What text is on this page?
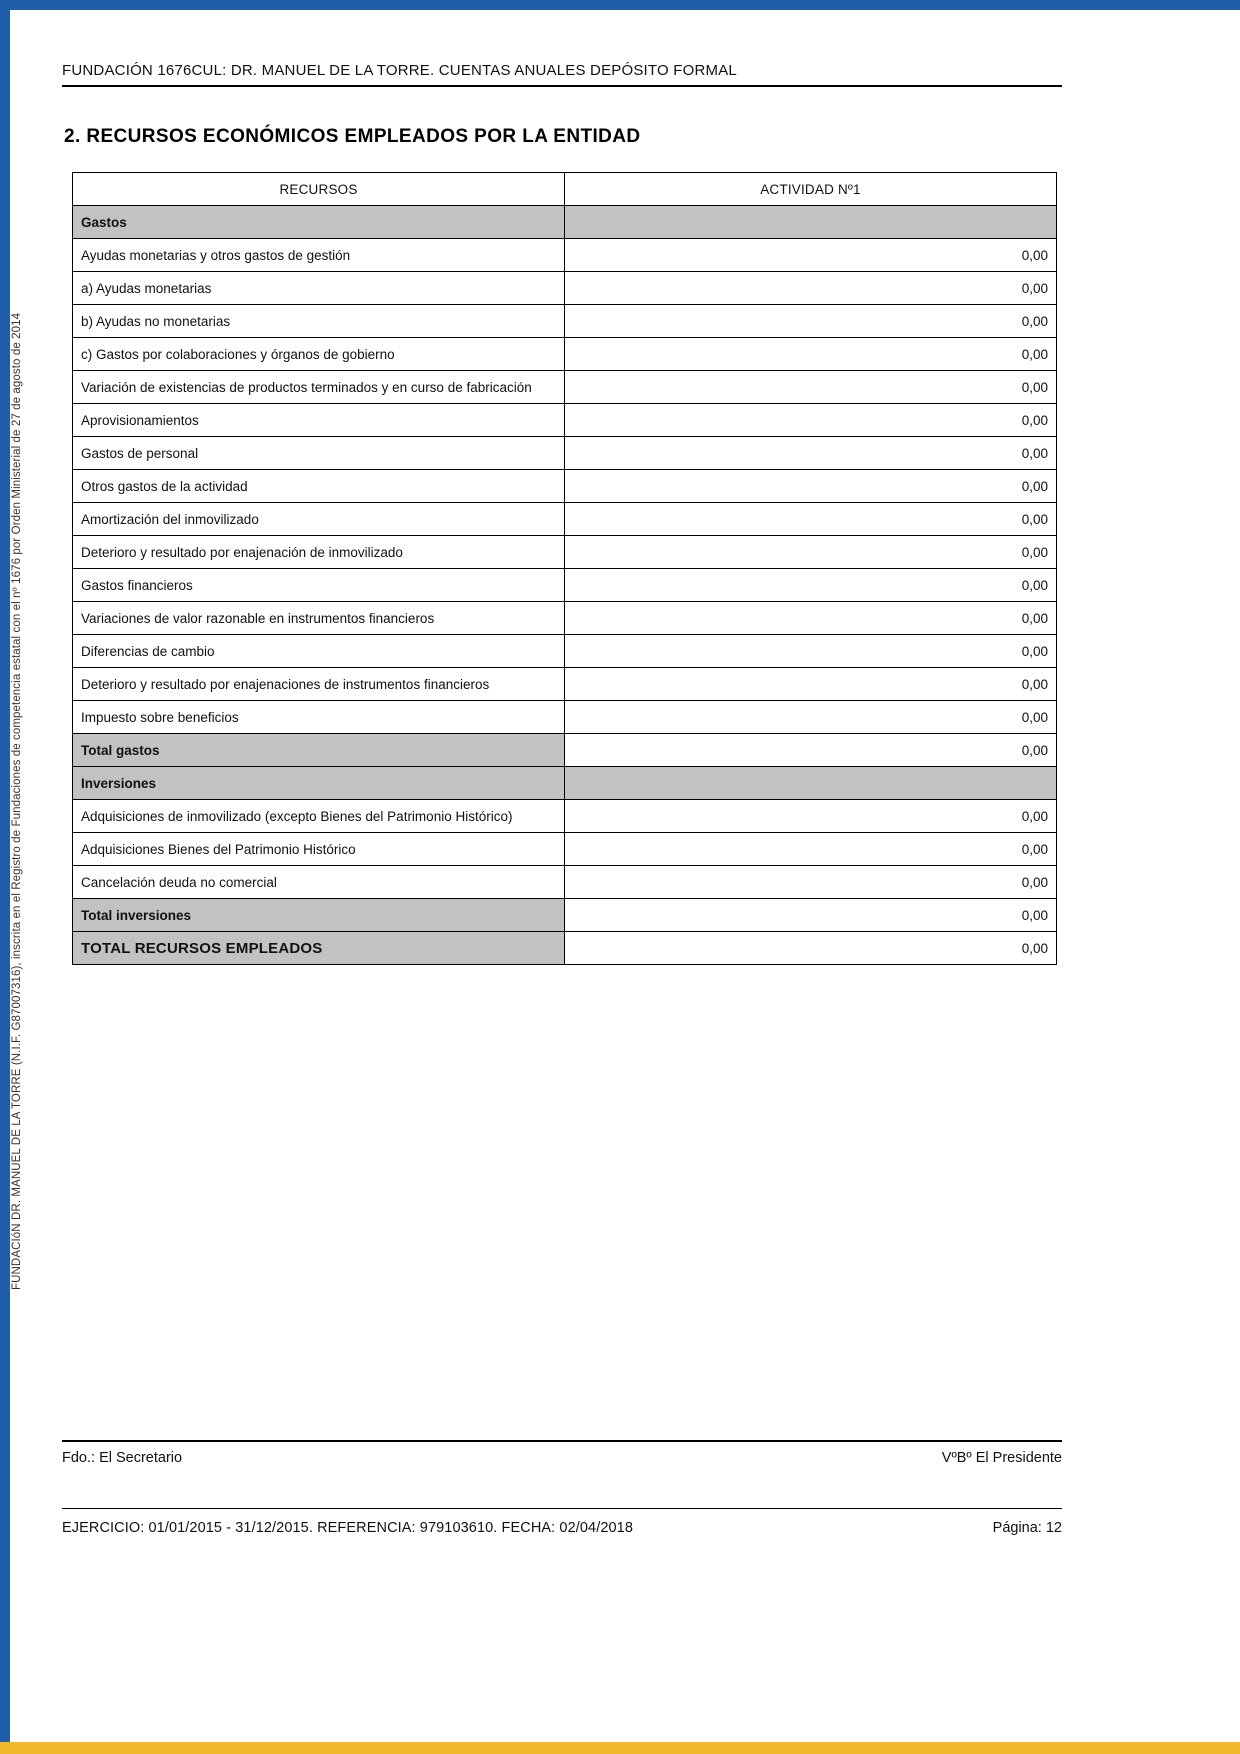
FUNDACIóN DR. MANUEL DE LA TORRE (N.I.F. G87007316), inscrita en el Registro de Fundaciones de competencia estatal con el nº 1676 por Orden Ministerial de 27 de agosto de 2014
FUNDACIÓN 1676CUL: DR. MANUEL DE LA TORRE. CUENTAS ANUALES DEPÓSITO FORMAL
2. RECURSOS ECONÓMICOS EMPLEADOS POR LA ENTIDAD
RECURSOS	ACTIVIDAD Nº1
Gastos	
Ayudas monetarias y otros gastos de gestión	0,00
a) Ayudas monetarias	0,00
b) Ayudas no monetarias	0,00
c) Gastos por colaboraciones y órganos de gobierno	0,00
Variación de existencias de productos terminados y en curso de fabricación	0,00
Aprovisionamientos	0,00
Gastos de personal	0,00
Otros gastos de la actividad	0,00
Amortización del inmovilizado	0,00
Deterioro y resultado por enajenación de inmovilizado	0,00
Gastos financieros	0,00
Variaciones de valor razonable en instrumentos financieros	0,00
Diferencias de cambio	0,00
Deterioro y resultado por enajenaciones de instrumentos financieros	0,00
Impuesto sobre beneficios	0,00
Total gastos	0,00
Inversiones	
Adquisiciones de inmovilizado (excepto Bienes del Patrimonio Histórico)	0,00
Adquisiciones Bienes del Patrimonio Histórico	0,00
Cancelación deuda no comercial	0,00
Total inversiones	0,00
TOTAL RECURSOS EMPLEADOS	0,00
Fdo.: El Secretario	VºBº El Presidente
EJERCICIO: 01/01/2015 - 31/12/2015. REFERENCIA: 979103610. FECHA: 02/04/2018	Página: 12
